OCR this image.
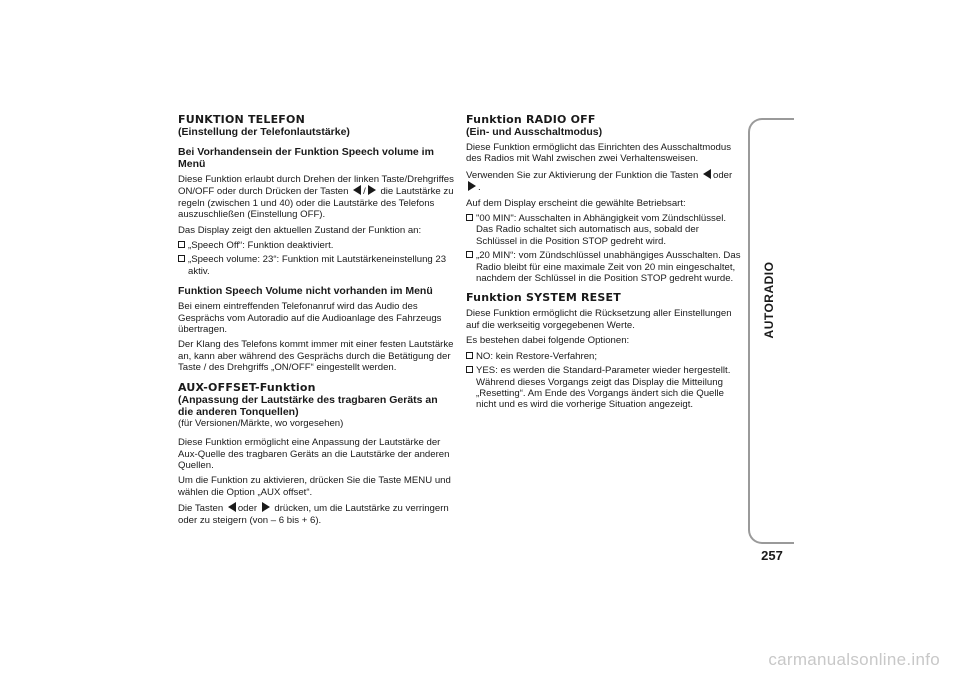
FUNKTION TELEFON
(Einstellung der Telefonlautstärke)
Bei Vorhandensein der Funktion Speech volume im Menü

Diese Funktion erlaubt durch Drehen der linken Taste/Drehgriffes ON/OFF oder durch Drücken der Tasten / die Lautstärke zu regeln (zwischen 1 und 40) oder die Lautstärke des Telefons auszuschließen (Einstellung OFF).

Das Display zeigt den aktuellen Zustand der Funktion an:

„Speech Off“: Funktion deaktiviert.
„Speech volume: 23“: Funktion mit Lautstärkeneinstellung 23 aktiv.
Funktion Speech Volume nicht vorhanden im Menü

Bei einem eintreffenden Telefonanruf wird das Audio des Gesprächs vom Autoradio auf die Audioanlage des Fahrzeugs übertragen.

Der Klang des Telefons kommt immer mit einer festen Lautstärke an, kann aber während des Gesprächs durch die Betätigung der Taste / des Drehgriffs „ON/OFF“ eingestellt werden.

AUX-OFFSET-Funktion
(Anpassung der Lautstärke des tragbaren Geräts an die anderen Tonquellen)

(für Versionen/Märkte, wo vorgesehen)

Diese Funktion ermöglicht eine Anpassung der Lautstärke der Aux-Quelle des tragbaren Geräts an die Lautstärke der anderen Quellen.

Um die Funktion zu aktivieren, drücken Sie die Taste MENU und wählen die Option „AUX offset“.

Die Tasten oder drücken, um die Lautstärke zu verringern oder zu steigern (von – 6 bis + 6).

Funktion RADIO OFF
(Ein- und Ausschaltmodus)

Diese Funktion ermöglicht das Einrichten des Ausschaltmodus des Radios mit Wahl zwischen zwei Verhaltensweisen.

Verwenden Sie zur Aktivierung der Funktion die Tasten oder .

Auf dem Display erscheint die gewählte Betriebsart:

"00 MIN": Ausschalten in Abhängigkeit vom Zündschlüssel. Das Radio schaltet sich automatisch aus, sobald der Schlüssel in die Position STOP gedreht wird.
„20 MIN“: vom Zündschlüssel unabhängiges Ausschalten. Das Radio bleibt für eine maximale Zeit von 20 min eingeschaltet, nachdem der Schlüssel in die Position STOP gedreht wurde.
Funktion SYSTEM RESET

Diese Funktion ermöglicht die Rücksetzung aller Einstellungen auf die werkseitig vorgegebenen Werte.

Es bestehen dabei folgende Optionen:

NO: kein Restore-Verfahren;
YES: es werden die Standard-Parameter wieder hergestellt. Während dieses Vorgangs zeigt das Display die Mitteilung „Resetting“. Am Ende des Vorgangs ändert sich die Quelle nicht und es wird die vorherige Situation angezeigt.
AUTORADIO
257
carmanualsonline.info
